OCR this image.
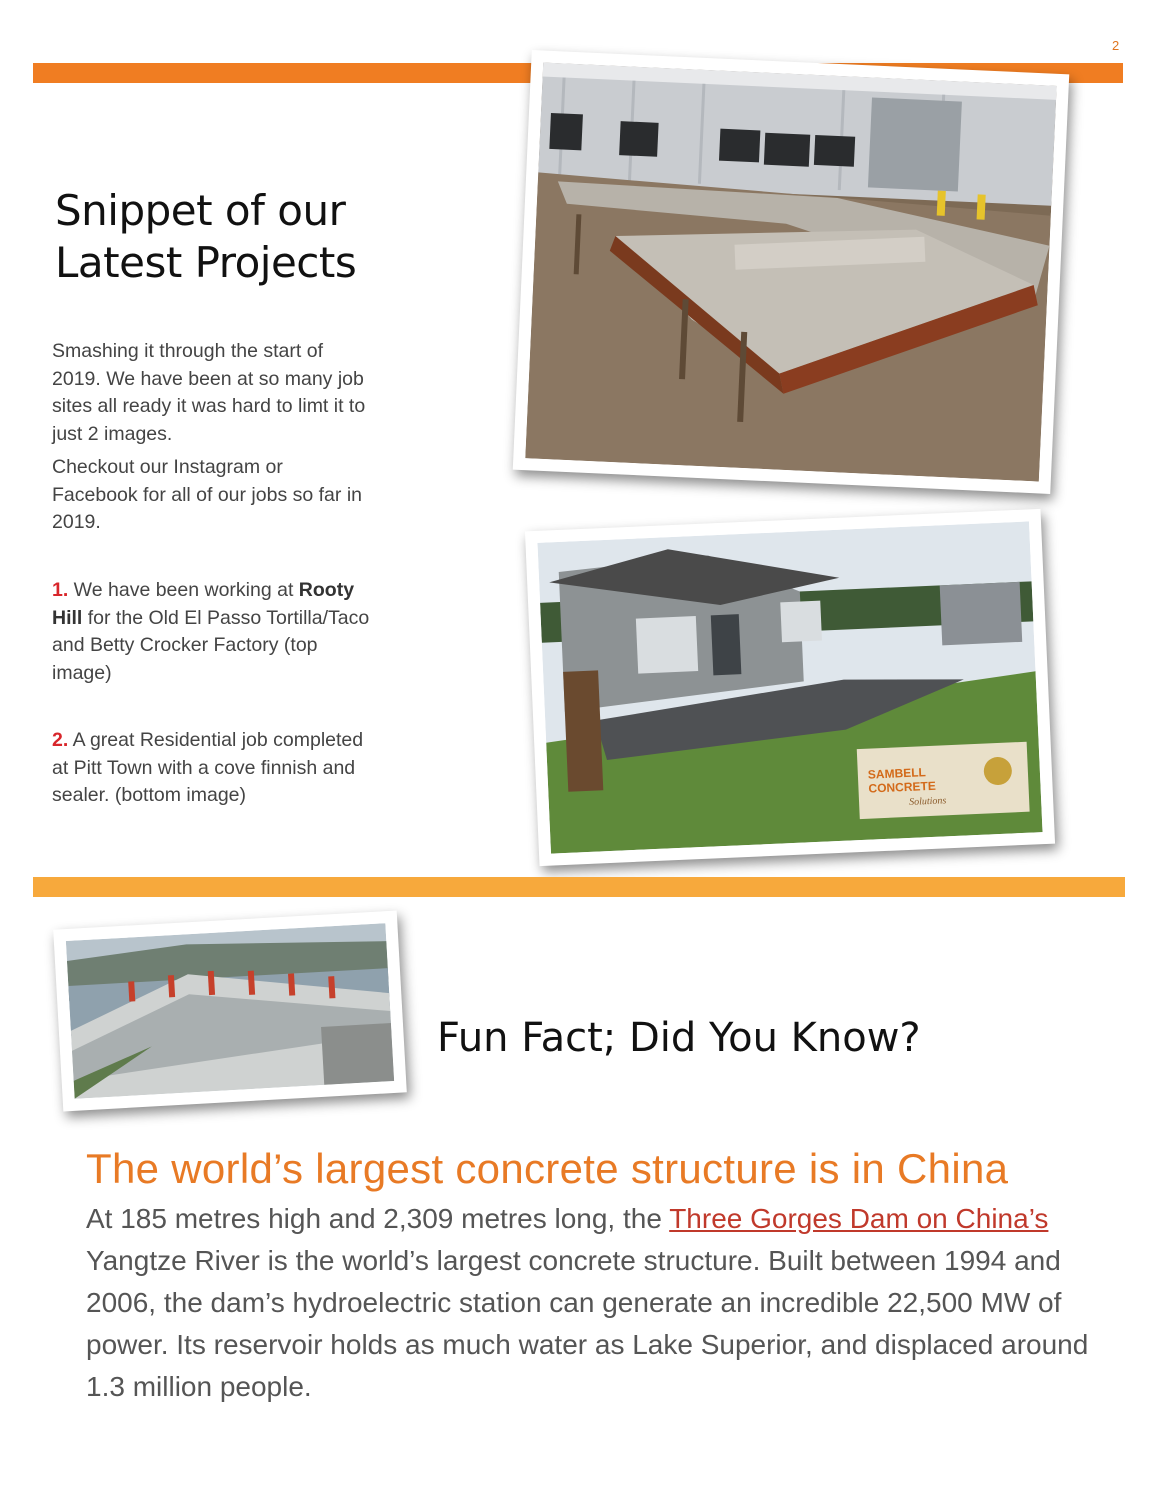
2
Snippet of our
Latest Projects

Smashing it through the start of 2019. We have been at so many job sites all ready it was hard to limt it to just 2 images.

Checkout our Instagram or Facebook for all of our jobs so far in 2019.

1. We have been working at Rooty Hill for the Old El Passo Tortilla/Taco and Betty Crocker Factory (top image)

2. A great Residential job completed at Pitt Town with a cove finnish and sealer. (bottom image)

SAMBELL
CONCRETE
Solutions
Fun Fact; Did You Know?
The world’s largest concrete structure is in China
At 185 metres high and 2,309 metres long, the Three Gorges Dam on China’s Yangtze River is the world’s largest concrete structure. Built between 1994 and 2006, the dam’s hydroelectric station can generate an incredible 22,500 MW of power. Its reservoir holds as much water as Lake Superior, and displaced around 1.3 million people.
